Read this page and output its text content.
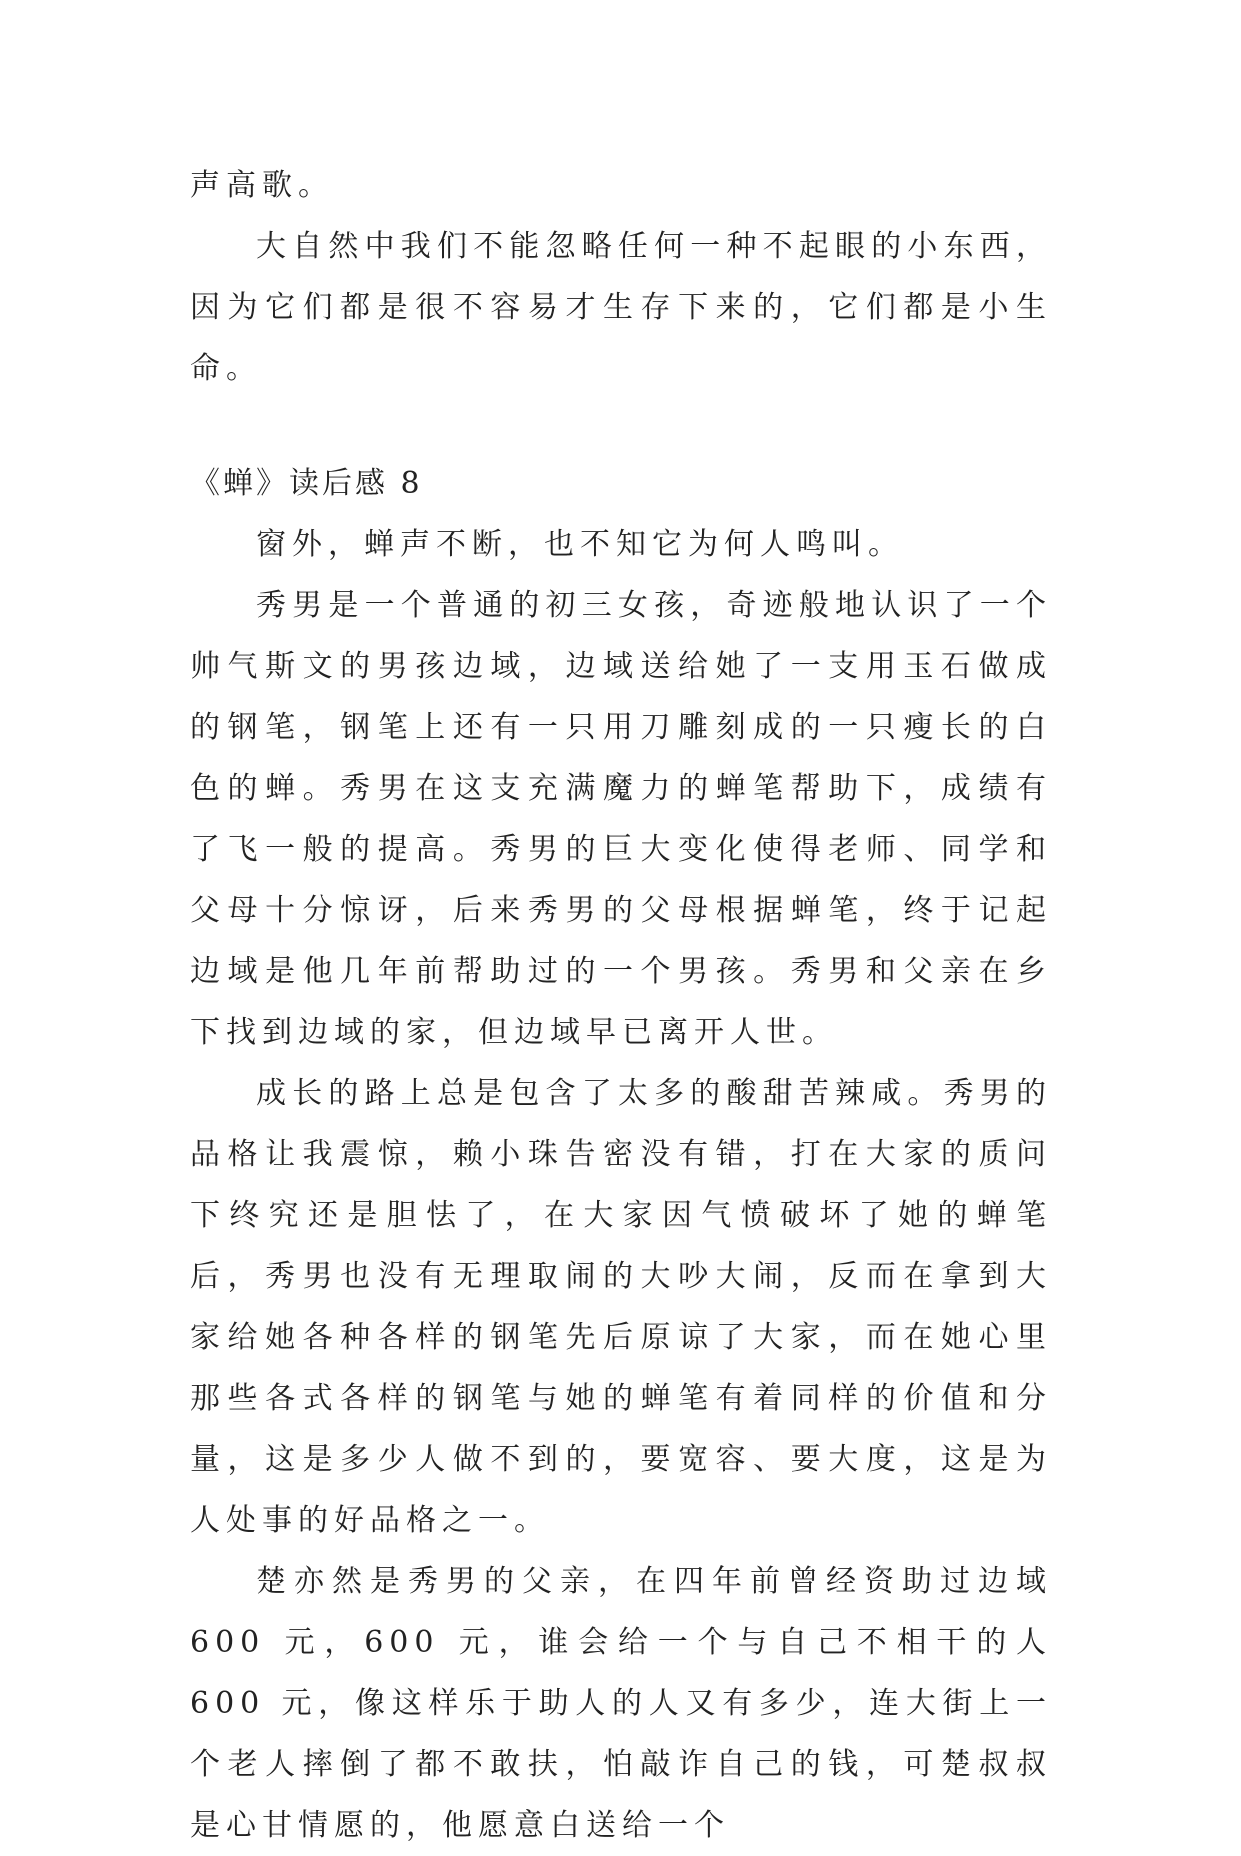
声高歌。

大自然中我们不能忽略任何一种不起眼的小东西，因为它们都是很不容易才生存下来的，它们都是小生命。

《蝉》读后感 8

窗外，蝉声不断，也不知它为何人鸣叫。

秀男是一个普通的初三女孩，奇迹般地认识了一个帅气斯文的男孩边域，边域送给她了一支用玉石做成的钢笔，钢笔上还有一只用刀雕刻成的一只瘦长的白色的蝉。秀男在这支充满魔力的蝉笔帮助下，成绩有了飞一般的提高。秀男的巨大变化使得老师、同学和父母十分惊讶，后来秀男的父母根据蝉笔，终于记起边域是他几年前帮助过的一个男孩。秀男和父亲在乡下找到边域的家，但边域早已离开人世。

成长的路上总是包含了太多的酸甜苦辣咸。秀男的品格让我震惊，赖小珠告密没有错，打在大家的质问下终究还是胆怯了，在大家因气愤破坏了她的蝉笔后，秀男也没有无理取闹的大吵大闹，反而在拿到大家给她各种各样的钢笔先后原谅了大家，而在她心里那些各式各样的钢笔与她的蝉笔有着同样的价值和分量，这是多少人做不到的，要宽容、要大度，这是为人处事的好品格之一。

楚亦然是秀男的父亲，在四年前曾经资助过边域 600 元，600 元，谁会给一个与自己不相干的人 600 元，像这样乐于助人的人又有多少，连大街上一个老人摔倒了都不敢扶，怕敲诈自己的钱，可楚叔叔是心甘情愿的，他愿意白送给一个
